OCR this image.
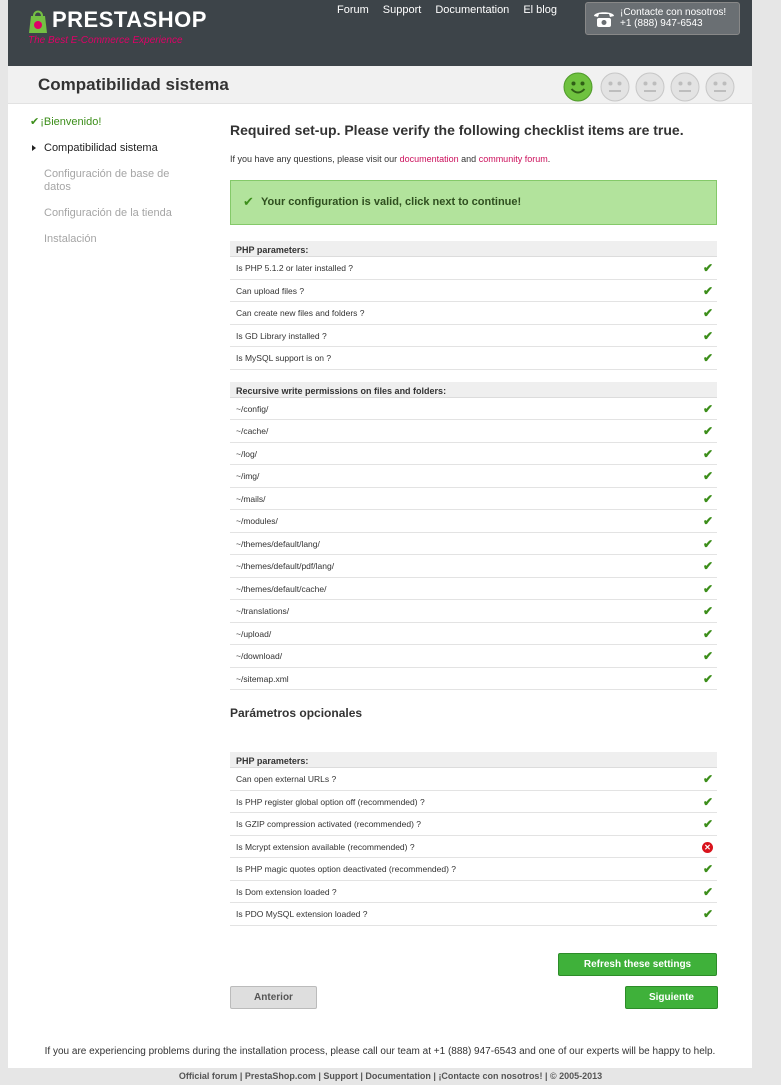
PRESTASHOP
The Best E-Commerce Experience
Forum	Support	Documentation	El blog	¡Contacte con nosotros!
+1 (888) 947-6543
Compatibilidad sistema
✔¡Bienvenido!
Compatibilidad sistema
Configuración de base de datos
Configuración de la tienda
Instalación
Required set-up. Please verify the following checklist items are true.
If you have any questions, please visit our documentation and community forum.
✔ Your configuration is valid, click next to continue!
PHP parameters:
Is PHP 5.1.2 or later installed ?	✔
Can upload files ?	✔
Can create new files and folders ?	✔
Is GD Library installed ?	✔
Is MySQL support is on ?	✔
Recursive write permissions on files and folders:
~/config/	✔
~/cache/	✔
~/log/	✔
~/img/	✔
~/mails/	✔
~/modules/	✔
~/themes/default/lang/	✔
~/themes/default/pdf/lang/	✔
~/themes/default/cache/	✔
~/translations/	✔
~/upload/	✔
~/download/	✔
~/sitemap.xml	✔
Parámetros opcionales
PHP parameters:
Can open external URLs ?	✔
Is PHP register global option off (recommended) ?	✔
Is GZIP compression activated (recommended) ?	✔
Is Mcrypt extension available (recommended) ?	✕
Is PHP magic quotes option deactivated (recommended) ?	✔
Is Dom extension loaded ?	✔
Is PDO MySQL extension loaded ?	✔
Refresh these settings
Anterior	Siguiente
If you are experiencing problems during the installation process, please call our team at +1 (888) 947-6543 and one of our experts will be happy to help.
Official forum | PrestaShop.com | Support | Documentation | ¡Contacte con nosotros! | © 2005-2013
